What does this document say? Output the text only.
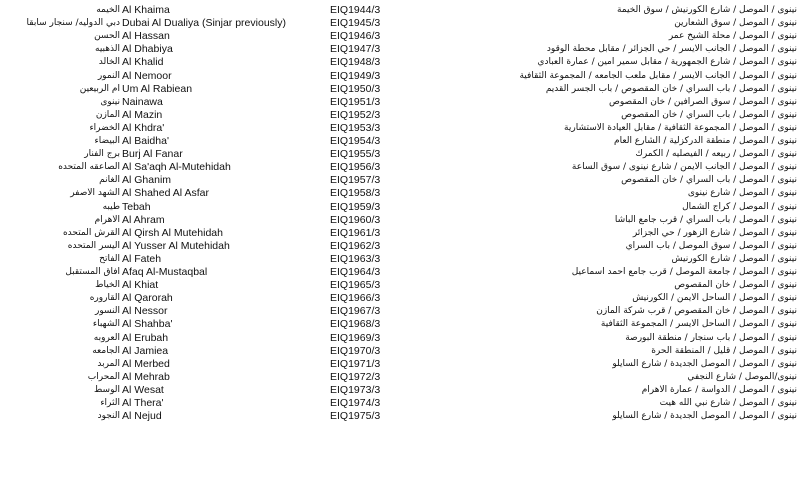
الخيمه Al Khaima	EIQ1944/3	نينوى / الموصل / شارع الكورنيش / سوق الخيمة
دبي الدوليه/ سنجار سابقا Dubai Al Dualiya (Sinjar previously)	EIQ1945/3	نينوى / الموصل / سوق الشعارين
الحسن Al Hassan	EIQ1946/3	نينوى / الموصل / محلة الشيخ عمر
الذهبيه Al Dhabiya	EIQ1947/3	نينوى / الموصل / الجانب الايسر / حي الجزائر / مقابل محطة الوقود
الخالد Al Khalid	EIQ1948/3	نينوى / الموصل / شارع الجمهورية / مقابل سمير امين / عمارة العبادي
النمور Al Nemoor	EIQ1949/3	نينوى / الموصل / الجانب الايسر / مقابل ملعب الجامعه / المجموعة الثقافية
ام الربيعين Um Al Rabiean	EIQ1950/3	نينوى / الموصل / باب السراي / خان المقصوص / باب الجسر القديم
نينوى Nainawa	EIQ1951/3	نينوى / الموصل / سوق الصرافين / خان المقصوص
المازن Al Mazin	EIQ1952/3	نينوى / الموصل / باب السراي / خان المقصوص
الخضراء Al Khdra'	EIQ1953/3	نينوى / الموصل / المجموعة الثقافية / مقابل العيادة الاستشارية
البيضاء Al Baidha'	EIQ1954/3	نينوى / الموصل / منطقة الدركزلية / الشارع العام
برج الفنار Burj Al Fanar	EIQ1955/3	نينوى / الموصل / ربيعه / الفيصليه / الكمرك
الصاعقه المتحده Al Sa'aqh Al-Mutehidah	EIQ1956/3	نينوى / الموصل / الجانب الايمن / شارع نينوى / سوق الساعة
الغانم Al Ghanim	EIQ1957/3	نينوى / الموصل / باب السراي / خان المقصوص
الشهد الاصفر Al Shahed Al Asfar	EIQ1958/3	نينوى / الموصل / شارع نينوى
طيبه Tebah	EIQ1959/3	نينوى / الموصل / كراج الشمال
الاهرام Al Ahram	EIQ1960/3	نينوى / الموصل / باب السراي / قرب جامع الباشا
القرش المتحده Al Qirsh Al Mutehidah	EIQ1961/3	نينوى / الموصل / شارع الزهور / حي الجزائر
اليسر المتحده Al Yusser Al Mutehidah	EIQ1962/3	نينوى / الموصل / سوق الموصل / باب السراي
الفاتح Al Fateh	EIQ1963/3	نينوى / الموصل / شارع الكورنيش
افاق المستقبل Afaq Al-Mustaqbal	EIQ1964/3	نينوى / الموصل / جامعة الموصل / قرب جامع احمد اسماعيل
الخياط Al Khiat	EIQ1965/3	نينوى / الموصل / خان المقصوص
القاروره Al Qarorah	EIQ1966/3	نينوى / الموصل / الساحل الايمن / الكورنيش
النسور Al Nessor	EIQ1967/3	نينوى / الموصل / خان المقصوص / قرب شركة المازن
الشهباء Al Shahba'	EIQ1968/3	نينوى / الموصل / الساحل الايسر / المجموعة الثقافية
العروبه Al Erubah	EIQ1969/3	نينوى / الموصل / باب سنجار / منطقة البورصة
الجامعه Al Jamiea	EIQ1970/3	نينوى / الموصل / قليل / المنطقة الحرة
المربد Al Merbed	EIQ1971/3	نينوى / الموصل / الموصل الجديدة / شارع السايلو
المحراب Al Mehrab	EIQ1972/3	نينوى/الموصل / شارع النجفي
الوسط Al Wesat	EIQ1973/3	نينوى / الموصل / الدواسة / عمارة الاهرام
الثراء Al Thera'	EIQ1974/3	نينوى / الموصل / شارع نبي الله هيت
النجود Al Nejud	EIQ1975/3	نينوى / الموصل / الموصل الجديدة / شارع السايلو
